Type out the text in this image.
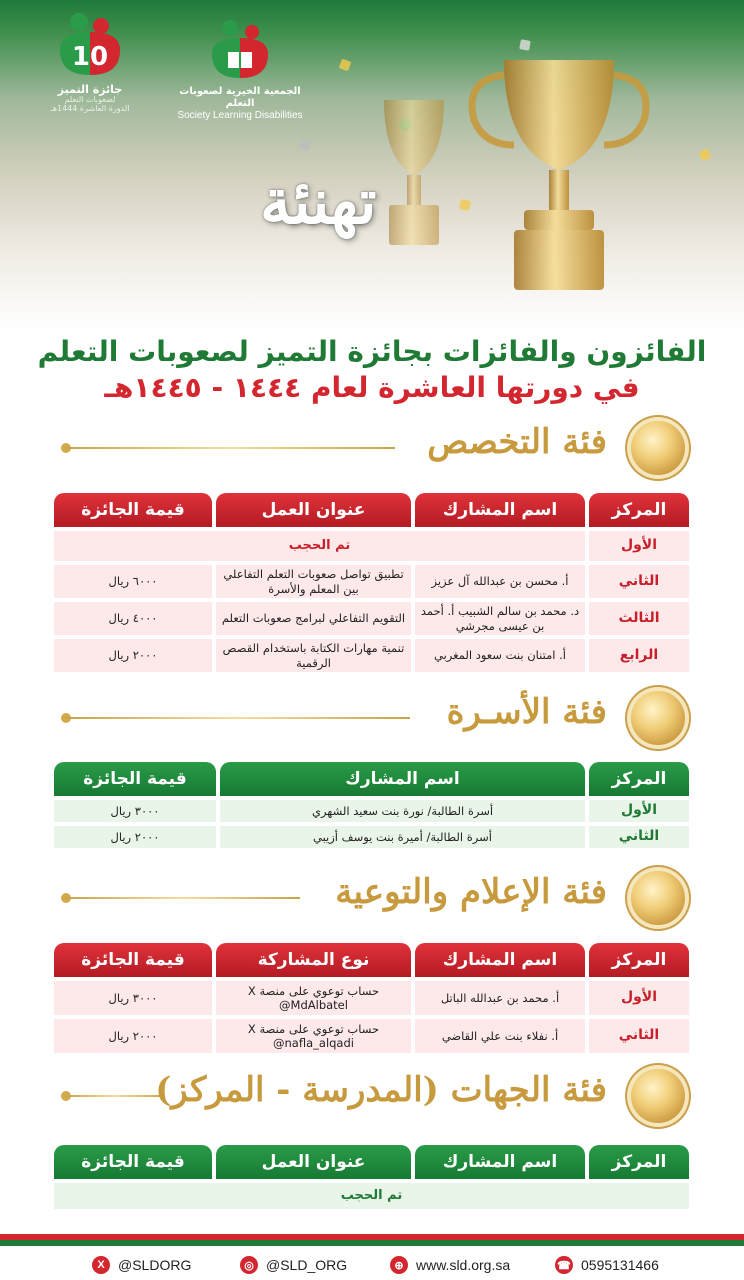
10
جائزة التميز
لصعوبات التعلم
الدورة العاشرة 1444هـ
الجمعية الخيرية لصعوبات التعلم
Society Learning Disabilities
تهنئة
الفائزون والفائزات بجائزة التميز لصعوبات التعلم
في دورتها العاشرة لعام ١٤٤٤ - ١٤٤٥هـ
فئة التخصص
المركز	اسم المشارك	عنوان العمل	قيمة الجائزة
الأول	تم الحجب		
الثاني	أ. محسن بن عبدالله آل عزيز	تطبيق تواصل صعوبات التعلم التفاعلي بين المعلم والأسرة	٦٠٠٠ ريال
الثالث	د. محمد بن سالم الشبيب أ. أحمد بن عيسى مجرشي	التقويم التفاعلي لبرامج صعوبات التعلم	٤٠٠٠ ريال
الرابع	أ. امتنان بنت سعود المغربي	تنمية مهارات الكتابة باستخدام القصص الرقمية	٢٠٠٠ ريال
فئة الأسـرة
المركز	اسم المشارك	قيمة الجائزة
الأول	أسرة الطالبة/ نورة بنت سعيد الشهري	٣٠٠٠ ريال
الثاني	أسرة الطالبة/ أميرة بنت يوسف أزيبي	٢٠٠٠ ريال
فئة الإعلام والتوعية
المركز	اسم المشارك	نوع المشاركة	قيمة الجائزة
الأول	أ. محمد بن عبدالله الباتل	حساب توعوي على منصة X @MdAlbatel	٣٠٠٠ ريال
الثاني	أ. نفلاء بنت علي القاضي	حساب توعوي على منصة X @nafla_alqadi	٢٠٠٠ ريال
فئة الجهات (المدرسة - المركز)
المركز	اسم المشارك	عنوان العمل	قيمة الجائزة
تم الحجب
X @SLDORG	◎ @SLD_ORG	⊕ www.sld.org.sa	☎ 0595131466
